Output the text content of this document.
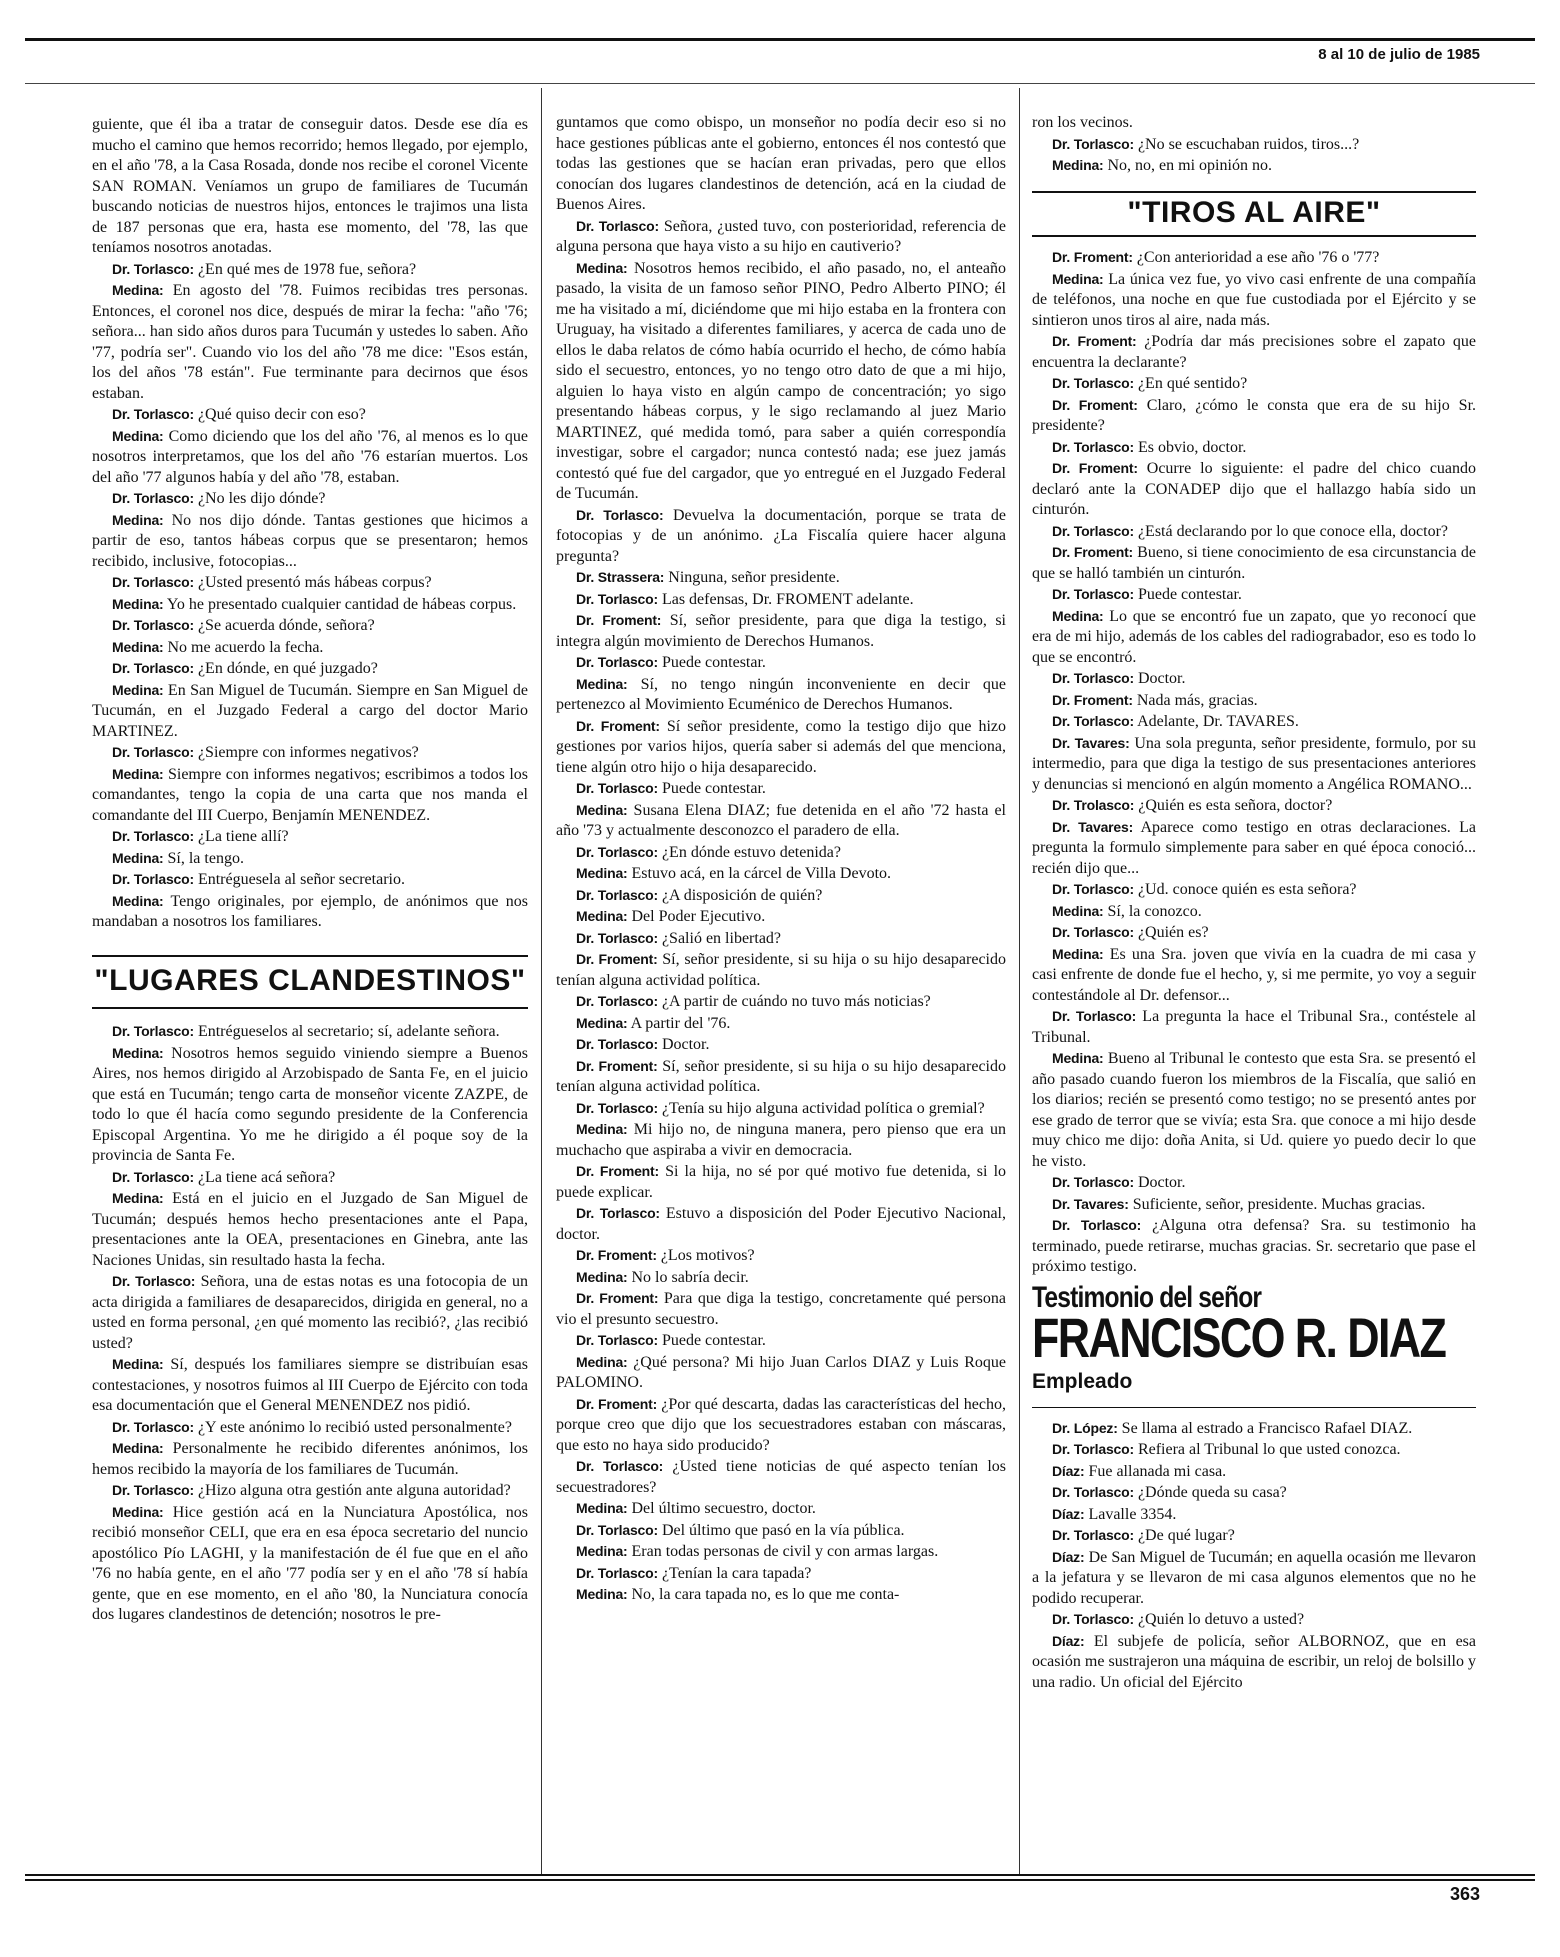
8 al 10 de julio de 1985

guiente, que él iba a tratar de conseguir datos. Desde ese día es mucho el camino que hemos recorrido; hemos llegado, por ejemplo, en el año '78, a la Casa Rosada, donde nos recibe el coronel Vicente SAN ROMAN. Veníamos un grupo de familiares de Tucumán buscando noticias de nuestros hijos, entonces le trajimos una lista de 187 personas que era, hasta ese momento, del '78, las que teníamos nosotros anotadas.

Dr. Torlasco: ¿En qué mes de 1978 fue, señora?

Medina: En agosto del '78. Fuimos recibidas tres personas. Entonces, el coronel nos dice, después de mirar la fecha: "año '76; señora... han sido años duros para Tucumán y ustedes lo saben. Año '77, podría ser". Cuando vio los del año '78 me dice: "Esos están, los del años '78 están". Fue terminante para decirnos que ésos estaban.

Dr. Torlasco: ¿Qué quiso decir con eso?

Medina: Como diciendo que los del año '76, al menos es lo que nosotros interpretamos, que los del año '76 estarían muertos. Los del año '77 algunos había y del año '78, estaban.

Dr. Torlasco: ¿No les dijo dónde?

Medina: No nos dijo dónde. Tantas gestiones que hicimos a partir de eso, tantos hábeas corpus que se presentaron; hemos recibido, inclusive, fotocopias...

Dr. Torlasco: ¿Usted presentó más hábeas corpus?

Medina: Yo he presentado cualquier cantidad de hábeas corpus.

Dr. Torlasco: ¿Se acuerda dónde, señora?

Medina: No me acuerdo la fecha.

Dr. Torlasco: ¿En dónde, en qué juzgado?

Medina: En San Miguel de Tucumán. Siempre en San Miguel de Tucumán, en el Juzgado Federal a cargo del doctor Mario MARTINEZ.

Dr. Torlasco: ¿Siempre con informes negativos?

Medina: Siempre con informes negativos; escribimos a todos los comandantes, tengo la copia de una carta que nos manda el comandante del III Cuerpo, Benjamín MENENDEZ.

Dr. Torlasco: ¿La tiene allí?

Medina: Sí, la tengo.

Dr. Torlasco: Entréguesela al señor secretario.

Medina: Tengo originales, por ejemplo, de anónimos que nos mandaban a nosotros los familiares.

"LUGARES CLANDESTINOS"

Dr. Torlasco: Entrégueselos al secretario; sí, adelante señora.

Medina: Nosotros hemos seguido viniendo siempre a Buenos Aires, nos hemos dirigido al Arzobispado de Santa Fe, en el juicio que está en Tucumán; tengo carta de monseñor vicente ZAZPE, de todo lo que él hacía como segundo presidente de la Conferencia Episcopal Argentina. Yo me he dirigido a él poque soy de la provincia de Santa Fe.

Dr. Torlasco: ¿La tiene acá señora?

Medina: Está en el juicio en el Juzgado de San Miguel de Tucumán; después hemos hecho presentaciones ante el Papa, presentaciones ante la OEA, presentaciones en Ginebra, ante las Naciones Unidas, sin resultado hasta la fecha.

Dr. Torlasco: Señora, una de estas notas es una fotocopia de un acta dirigida a familiares de desaparecidos, dirigida en general, no a usted en forma personal, ¿en qué momento las recibió?, ¿las recibió usted?

Medina: Sí, después los familiares siempre se distribuían esas contestaciones, y nosotros fuimos al III Cuerpo de Ejército con toda esa documentación que el General MENENDEZ nos pidió.

Dr. Torlasco: ¿Y este anónimo lo recibió usted personalmente?

Medina: Personalmente he recibido diferentes anónimos, los hemos recibido la mayoría de los familiares de Tucumán.

Dr. Torlasco: ¿Hizo alguna otra gestión ante alguna autoridad?

Medina: Hice gestión acá en la Nunciatura Apostólica, nos recibió monseñor CELI, que era en esa época secretario del nuncio apostólico Pío LAGHI, y la manifestación de él fue que en el año '76 no había gente, en el año '77 podía ser y en el año '78 sí había gente, que en ese momento, en el año '80, la Nunciatura conocía dos lugares clandestinos de detención; nosotros le pre-

guntamos que como obispo, un monseñor no podía decir eso si no hace gestiones públicas ante el gobierno, entonces él nos contestó que todas las gestiones que se hacían eran privadas, pero que ellos conocían dos lugares clandestinos de detención, acá en la ciudad de Buenos Aires.

Dr. Torlasco: Señora, ¿usted tuvo, con posterioridad, referencia de alguna persona que haya visto a su hijo en cautiverio?

Medina: Nosotros hemos recibido, el año pasado, no, el anteaño pasado, la visita de un famoso señor PINO, Pedro Alberto PINO; él me ha visitado a mí, diciéndome que mi hijo estaba en la frontera con Uruguay, ha visitado a diferentes familiares, y acerca de cada uno de ellos le daba relatos de cómo había ocurrido el hecho, de cómo había sido el secuestro, entonces, yo no tengo otro dato de que a mi hijo, alguien lo haya visto en algún campo de concentración; yo sigo presentando hábeas corpus, y le sigo reclamando al juez Mario MARTINEZ, qué medida tomó, para saber a quién correspondía investigar, sobre el cargador; nunca contestó nada; ese juez jamás contestó qué fue del cargador, que yo entregué en el Juzgado Federal de Tucumán.

Dr. Torlasco: Devuelva la documentación, porque se trata de fotocopias y de un anónimo. ¿La Fiscalía quiere hacer alguna pregunta?

Dr. Strassera: Ninguna, señor presidente.

Dr. Torlasco: Las defensas, Dr. FROMENT adelante.

Dr. Froment: Sí, señor presidente, para que diga la testigo, si integra algún movimiento de Derechos Humanos.

Dr. Torlasco: Puede contestar.

Medina: Sí, no tengo ningún inconveniente en decir que pertenezco al Movimiento Ecuménico de Derechos Humanos.

Dr. Froment: Sí señor presidente, como la testigo dijo que hizo gestiones por varios hijos, quería saber si además del que menciona, tiene algún otro hijo o hija desaparecido.

Dr. Torlasco: Puede contestar.

Medina: Susana Elena DIAZ; fue detenida en el año '72 hasta el año '73 y actualmente desconozco el paradero de ella.

Dr. Torlasco: ¿En dónde estuvo detenida?

Medina: Estuvo acá, en la cárcel de Villa Devoto.

Dr. Torlasco: ¿A disposición de quién?

Medina: Del Poder Ejecutivo.

Dr. Torlasco: ¿Salió en libertad?

Dr. Froment: Sí, señor presidente, si su hija o su hijo desaparecido tenían alguna actividad política.

Dr. Torlasco: ¿A partir de cuándo no tuvo más noticias?

Medina: A partir del '76.

Dr. Torlasco: Doctor.

Dr. Froment: Sí, señor presidente, si su hija o su hijo desaparecido tenían alguna actividad política.

Dr. Torlasco: ¿Tenía su hijo alguna actividad política o gremial?

Medina: Mi hijo no, de ninguna manera, pero pienso que era un muchacho que aspiraba a vivir en democracia.

Dr. Froment: Si la hija, no sé por qué motivo fue detenida, si lo puede explicar.

Dr. Torlasco: Estuvo a disposición del Poder Ejecutivo Nacional, doctor.

Dr. Froment: ¿Los motivos?

Medina: No lo sabría decir.

Dr. Froment: Para que diga la testigo, concretamente qué persona vio el presunto secuestro.

Dr. Torlasco: Puede contestar.

Medina: ¿Qué persona? Mi hijo Juan Carlos DIAZ y Luis Roque PALOMINO.

Dr. Froment: ¿Por qué descarta, dadas las características del hecho, porque creo que dijo que los secuestradores estaban con máscaras, que esto no haya sido producido?

Dr. Torlasco: ¿Usted tiene noticias de qué aspecto tenían los secuestradores?

Medina: Del último secuestro, doctor.

Dr. Torlasco: Del último que pasó en la vía pública.

Medina: Eran todas personas de civil y con armas largas.

Dr. Torlasco: ¿Tenían la cara tapada?

Medina: No, la cara tapada no, es lo que me conta-

ron los vecinos.

Dr. Torlasco: ¿No se escuchaban ruidos, tiros...?

Medina: No, no, en mi opinión no.

"TIROS AL AIRE"

Dr. Froment: ¿Con anterioridad a ese año '76 o '77?

Medina: La única vez fue, yo vivo casi enfrente de una compañía de teléfonos, una noche en que fue custodiada por el Ejército y se sintieron unos tiros al aire, nada más.

Dr. Froment: ¿Podría dar más precisiones sobre el zapato que encuentra la declarante?

Dr. Torlasco: ¿En qué sentido?

Dr. Froment: Claro, ¿cómo le consta que era de su hijo Sr. presidente?

Dr. Torlasco: Es obvio, doctor.

Dr. Froment: Ocurre lo siguiente: el padre del chico cuando declaró ante la CONADEP dijo que el hallazgo había sido un cinturón.

Dr. Torlasco: ¿Está declarando por lo que conoce ella, doctor?

Dr. Froment: Bueno, si tiene conocimiento de esa circunstancia de que se halló también un cinturón.

Dr. Torlasco: Puede contestar.

Medina: Lo que se encontró fue un zapato, que yo reconocí que era de mi hijo, además de los cables del radiograbador, eso es todo lo que se encontró.

Dr. Torlasco: Doctor.

Dr. Froment: Nada más, gracias.

Dr. Torlasco: Adelante, Dr. TAVARES.

Dr. Tavares: Una sola pregunta, señor presidente, formulo, por su intermedio, para que diga la testigo de sus presentaciones anteriores y denuncias si mencionó en algún momento a Angélica ROMANO...

Dr. Trolasco: ¿Quién es esta señora, doctor?

Dr. Tavares: Aparece como testigo en otras declaraciones. La pregunta la formulo simplemente para saber en qué época conoció... recién dijo que...

Dr. Torlasco: ¿Ud. conoce quién es esta señora?

Medina: Sí, la conozco.

Dr. Torlasco: ¿Quién es?

Medina: Es una Sra. joven que vivía en la cuadra de mi casa y casi enfrente de donde fue el hecho, y, si me permite, yo voy a seguir contestándole al Dr. defensor...

Dr. Torlasco: La pregunta la hace el Tribunal Sra., contéstele al Tribunal.

Medina: Bueno al Tribunal le contesto que esta Sra. se presentó el año pasado cuando fueron los miembros de la Fiscalía, que salió en los diarios; recién se presentó como testigo; no se presentó antes por ese grado de terror que se vivía; esta Sra. que conoce a mi hijo desde muy chico me dijo: doña Anita, si Ud. quiere yo puedo decir lo que he visto.

Dr. Torlasco: Doctor.

Dr. Tavares: Suficiente, señor, presidente. Muchas gracias.

Dr. Torlasco: ¿Alguna otra defensa? Sra. su testimonio ha terminado, puede retirarse, muchas gracias. Sr. secretario que pase el próximo testigo.

Testimonio del señor
FRANCISCO R. DIAZ
Empleado

Dr. López: Se llama al estrado a Francisco Rafael DIAZ.

Dr. Torlasco: Refiera al Tribunal lo que usted conozca.

Díaz: Fue allanada mi casa.

Dr. Torlasco: ¿Dónde queda su casa?

Díaz: Lavalle 3354.

Dr. Torlasco: ¿De qué lugar?

Díaz: De San Miguel de Tucumán; en aquella ocasión me llevaron a la jefatura y se llevaron de mi casa algunos elementos que no he podido recuperar.

Dr. Torlasco: ¿Quién lo detuvo a usted?

Díaz: El subjefe de policía, señor ALBORNOZ, que en esa ocasión me sustrajeron una máquina de escribir, un reloj de bolsillo y una radio. Un oficial del Ejército

363
